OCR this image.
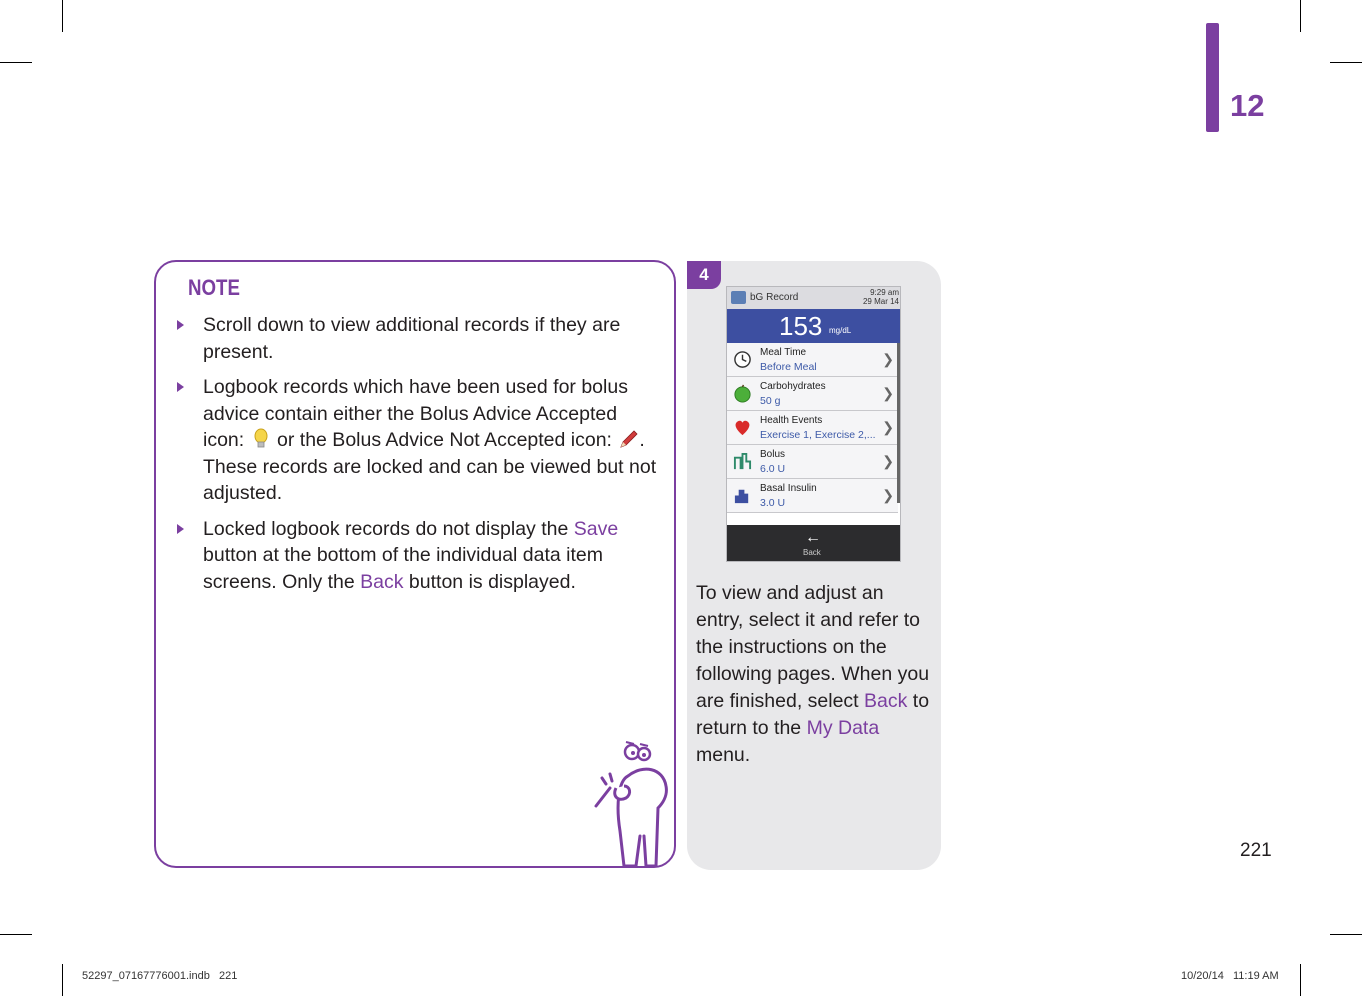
12
NOTE
Scroll down to view additional records if they are present.
Logbook records which have been used for bolus advice contain either the Bolus Advice Accepted icon:  or the Bolus Advice Not Accepted icon: . These records are locked and can be viewed but not adjusted.
Locked logbook records do not display the Save button at the bottom of the individual data item screens. Only the Back button is displayed.
4
bG Record	9:29 am
29 Mar 14
153 mg/dL
Meal Time
Before Meal	❯
Carbohydrates
50 g	❯
Health Events
Exercise 1, Exercise 2,... ❯
Bolus
6.0 U	❯
Basal Insulin
3.0 U	❯
←
Back
To view and adjust an entry, select it and refer to the instructions on the following pages. When you are finished, select Back to return to the My Data menu.
221
52297_07167776001.indb   221	10/20/14   11:19 AM
